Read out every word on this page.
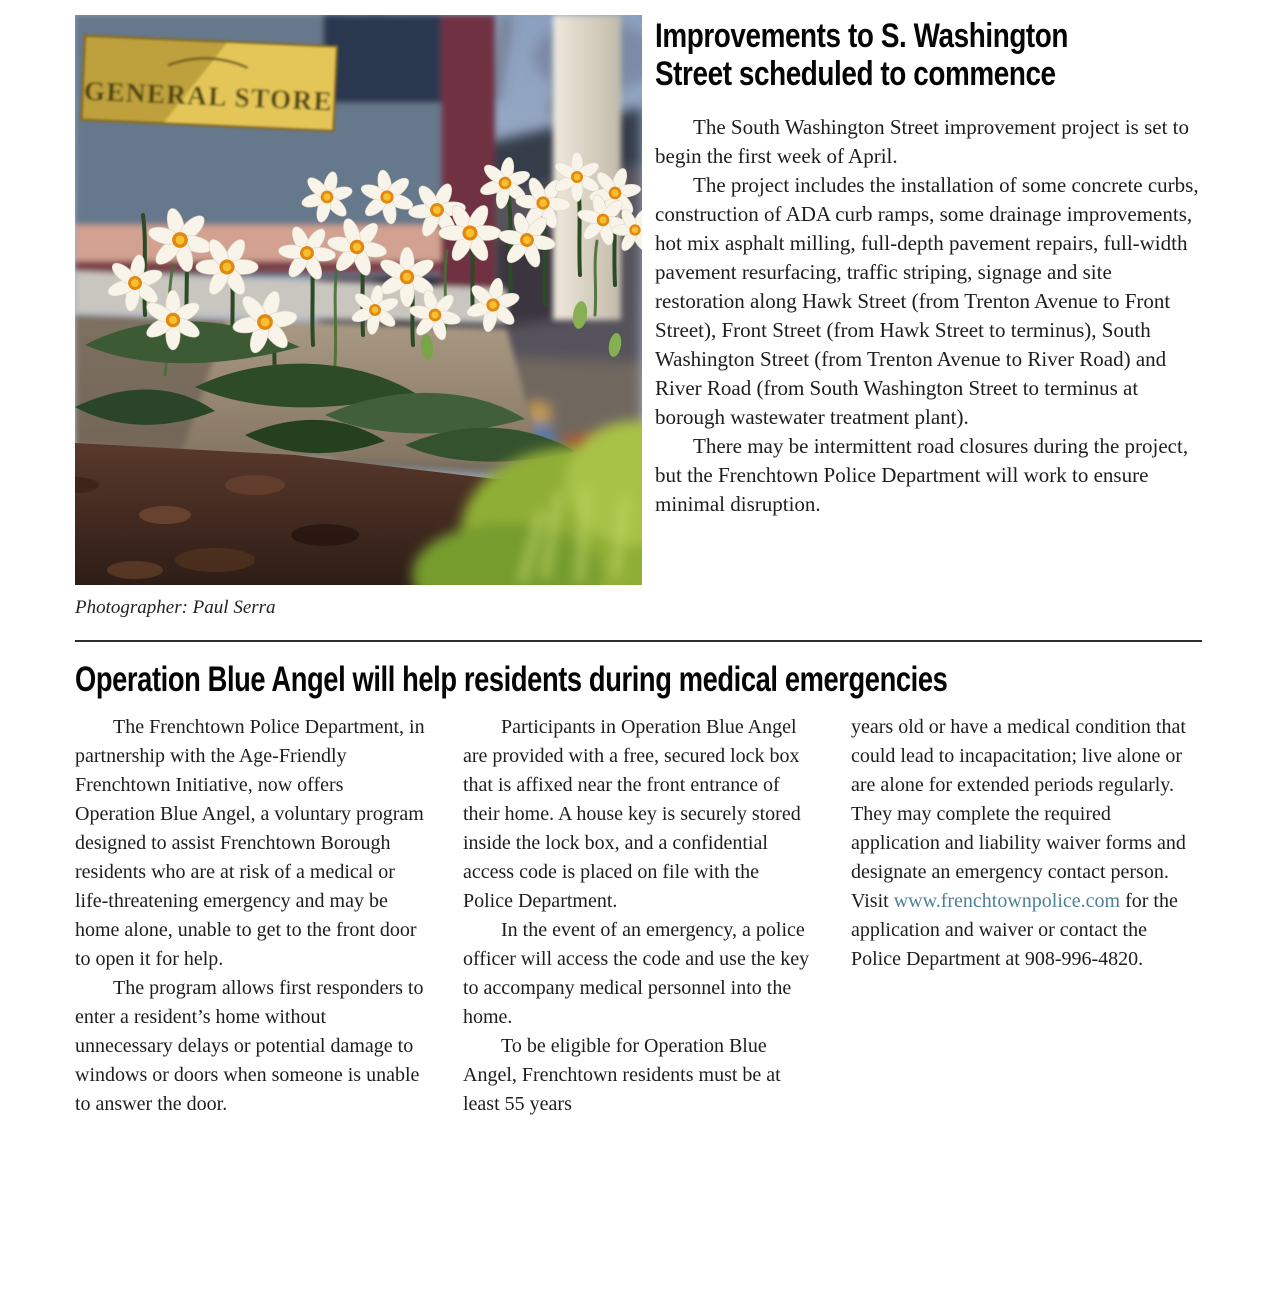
GENERAL STORE
Improvements to S. Washington
Street scheduled to commence

The South Washington Street improvement project is set to begin the first week of April.

The project includes the installation of some concrete curbs, construction of ADA curb ramps, some drainage improvements, hot mix asphalt milling, full-depth pavement repairs, full-width pavement resurfacing, traffic striping, signage and site restoration along Hawk Street (from Trenton Avenue to Front Street), Front Street (from Hawk Street to terminus), South Washington Street (from Trenton Avenue to River Road) and River Road (from South Washington Street to terminus at borough wastewater treatment plant).

There may be intermittent road closures during the project, but the Frenchtown Police Department will work to ensure minimal disruption.

Photographer: Paul Serra
Operation Blue Angel will help residents during medical emergencies

The Frenchtown Police Department, in partnership with the Age-Friendly Frenchtown Initiative, now offers Operation Blue Angel, a voluntary program designed to assist Frenchtown Borough residents who are at risk of a medical or life-threatening emergency and may be home alone, unable to get to the front door to open it for help.

The program allows first responders to enter a resident’s home without unnecessary delays or potential damage to windows or doors when someone is unable to answer the door.

Participants in Operation Blue Angel are provided with a free, secured lock box that is affixed near the front entrance of their home. A house key is securely stored inside the lock box, and a confidential access code is placed on file with the Police Department.

In the event of an emergency, a police officer will access the code and use the key to accompany medical personnel into the home.

To be eligible for Operation Blue Angel, Frenchtown residents must be at least 55 years

years old or have a medical condition that could lead to incapacitation; live alone or are alone for extended periods regularly. They may complete the required application and liability waiver forms and designate an emergency contact person. Visit www.frenchtownpolice.com for the application and waiver or contact the Police Department at 908-996-4820.
